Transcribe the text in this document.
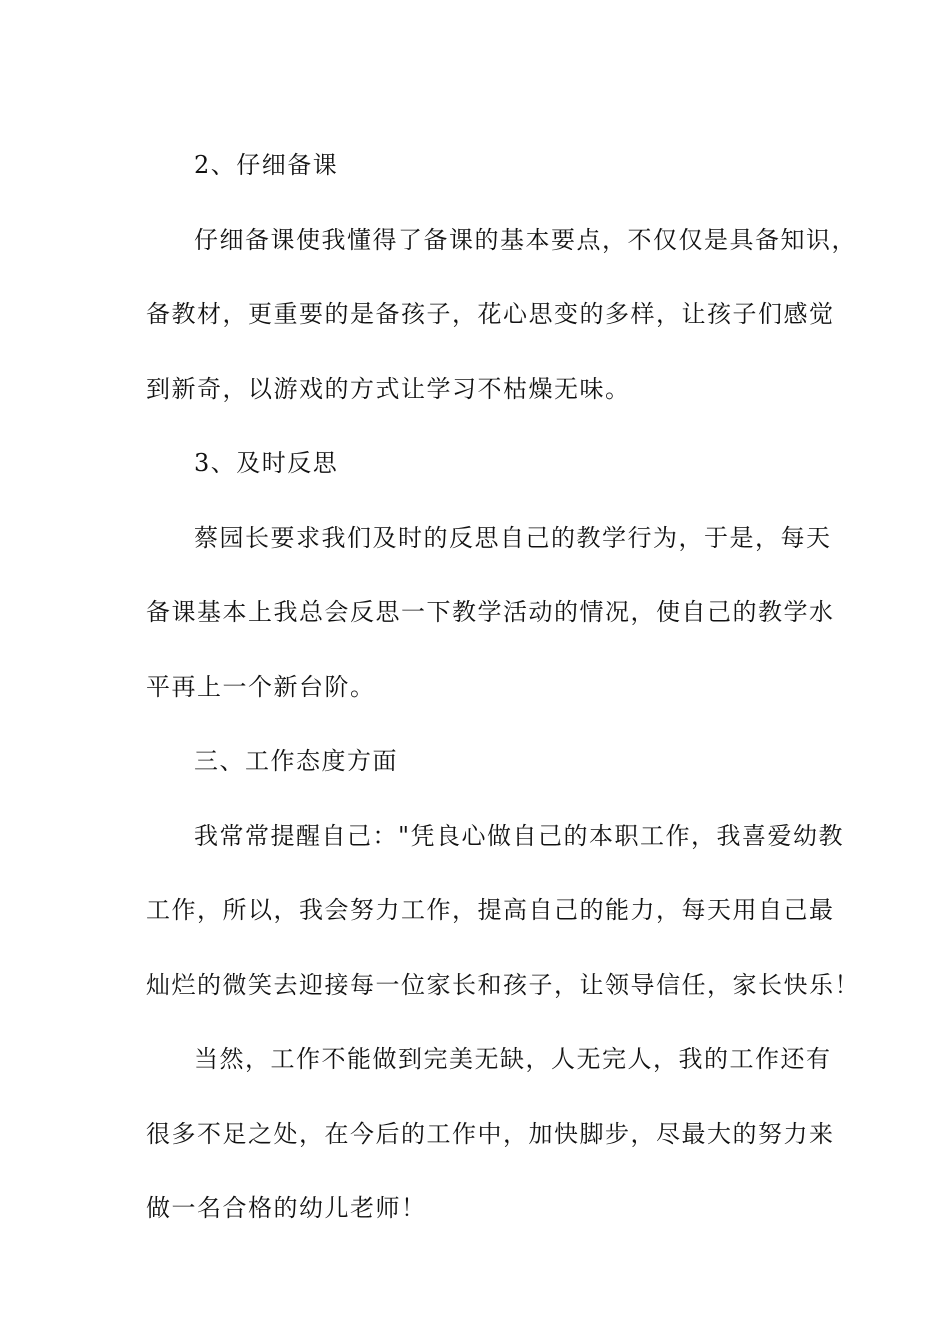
2、仔细备课
仔细备课使我懂得了备课的基本要点，不仅仅是具备知识，
备教材，更重要的是备孩子，花心思变的多样，让孩子们感觉
到新奇，以游戏的方式让学习不枯燥无味。
3、及时反思
蔡园长要求我们及时的反思自己的教学行为，于是，每天
备课基本上我总会反思一下教学活动的情况，使自己的教学水
平再上一个新台阶。
三、工作态度方面
我常常提醒自己："凭良心做自己的本职工作，我喜爱幼教
工作，所以，我会努力工作，提高自己的能力，每天用自己最
灿烂的微笑去迎接每一位家长和孩子，让领导信任，家长快乐！
当然，工作不能做到完美无缺，人无完人，我的工作还有
很多不足之处，在今后的工作中，加快脚步，尽最大的努力来
做一名合格的幼儿老师！
